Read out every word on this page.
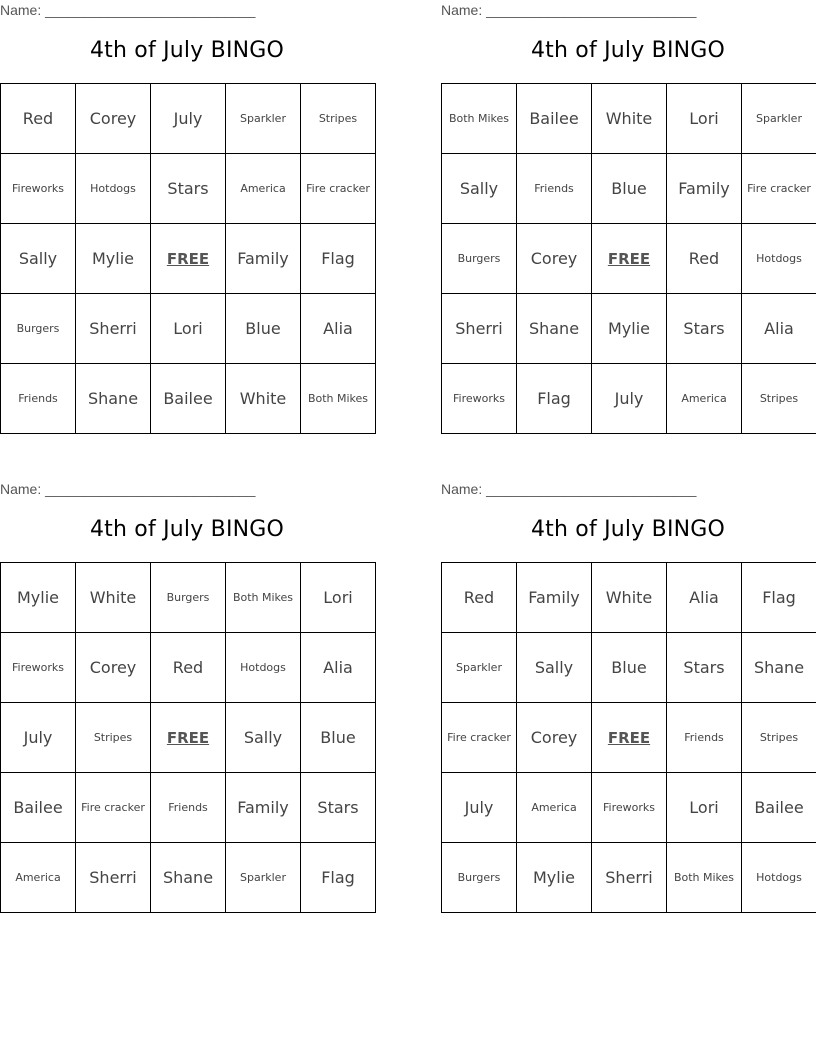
Name: ___________________________
4th of July BINGO
Red	Corey	July	Sparkler	Stripes
Fireworks	Hotdogs	Stars	America	Fire cracker
Sally	Mylie	FREE	Family	Flag
Burgers	Sherri	Lori	Blue	Alia
Friends	Shane	Bailee	White	Both Mikes
Name: ___________________________
4th of July BINGO
Both Mikes	Bailee	White	Lori	Sparkler
Sally	Friends	Blue	Family	Fire cracker
Burgers	Corey	FREE	Red	Hotdogs
Sherri	Shane	Mylie	Stars	Alia
Fireworks	Flag	July	America	Stripes
Name: ___________________________
4th of July BINGO
Mylie	White	Burgers	Both Mikes	Lori
Fireworks	Corey	Red	Hotdogs	Alia
July	Stripes	FREE	Sally	Blue
Bailee	Fire cracker	Friends	Family	Stars
America	Sherri	Shane	Sparkler	Flag
Name: ___________________________
4th of July BINGO
Red	Family	White	Alia	Flag
Sparkler	Sally	Blue	Stars	Shane
Fire cracker	Corey	FREE	Friends	Stripes
July	America	Fireworks	Lori	Bailee
Burgers	Mylie	Sherri	Both Mikes	Hotdogs
